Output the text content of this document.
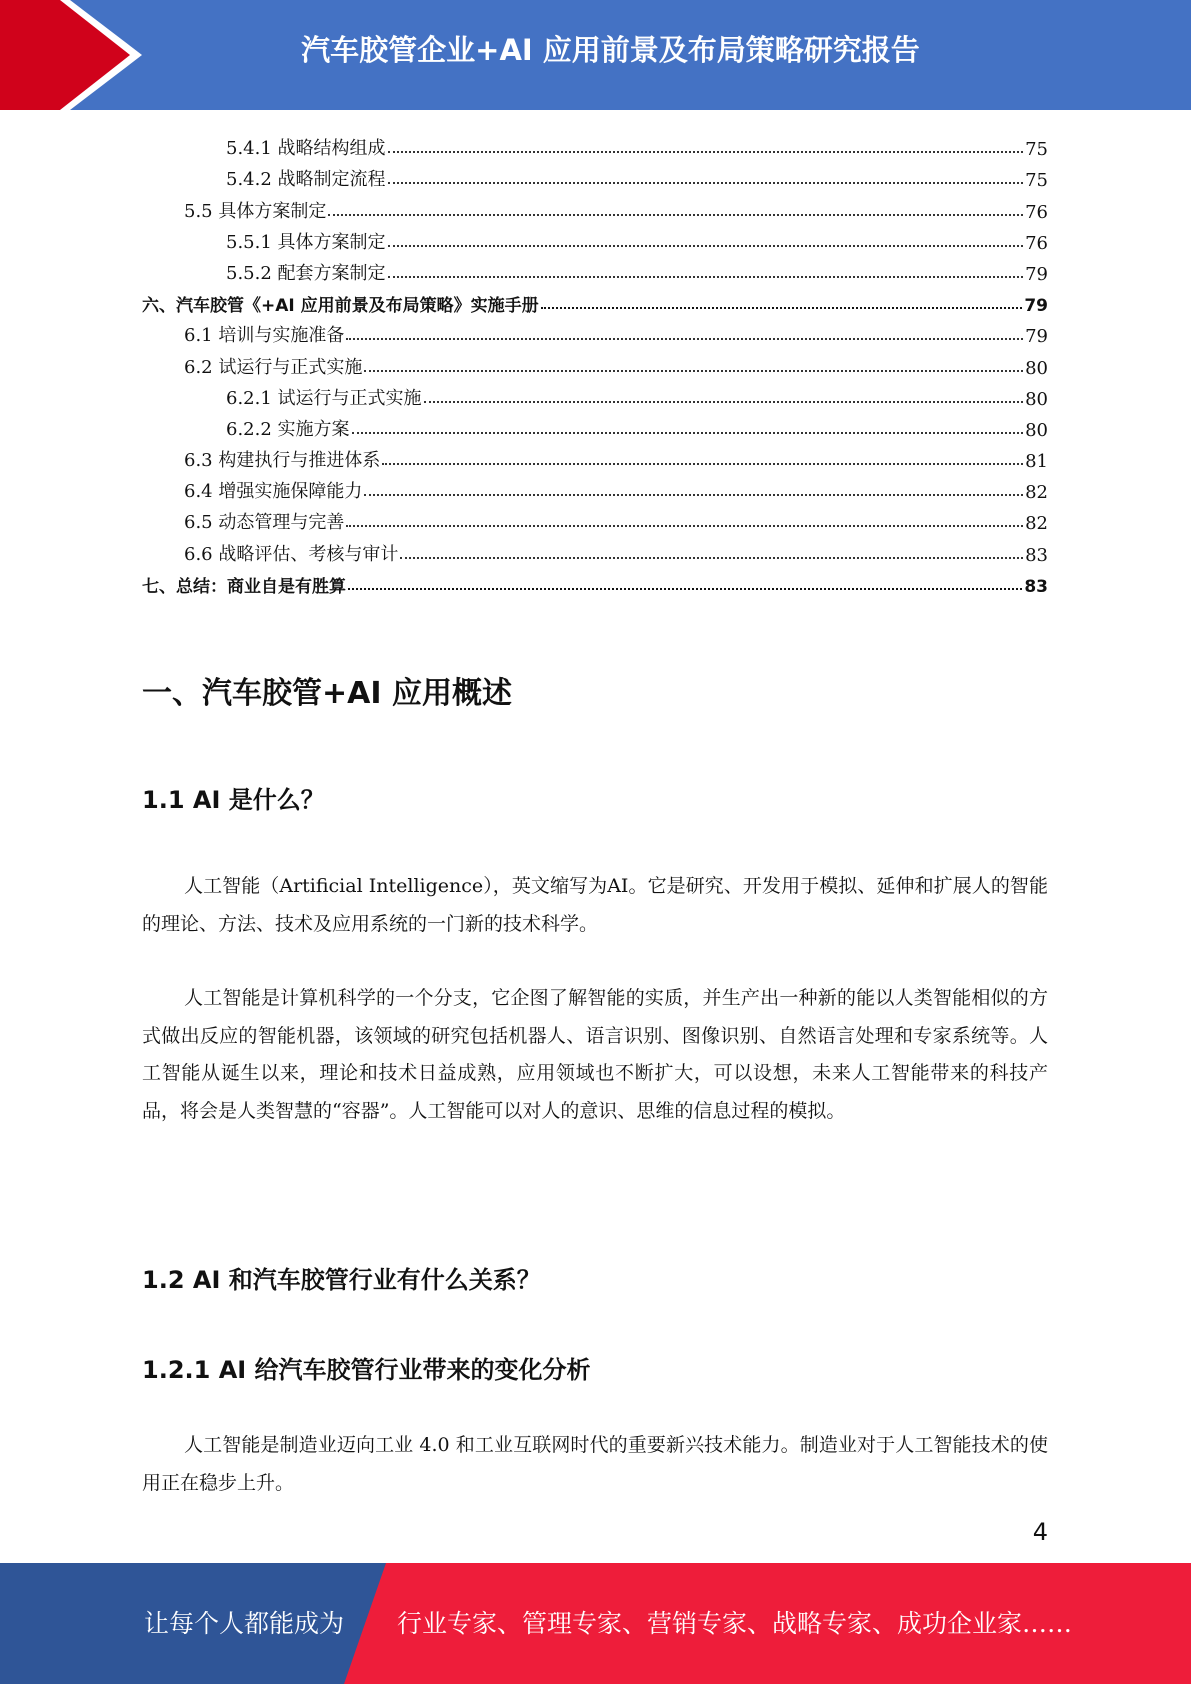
汽车胶管企业+AI 应用前景及布局策略研究报告
5.4.1 战略结构组成	75
5.4.2 战略制定流程	75
5.5 具体方案制定	76
5.5.1 具体方案制定	76
5.5.2 配套方案制定	79
六、汽车胶管《+AI 应用前景及布局策略》实施手册	79
6.1 培训与实施准备	79
6.2 试运行与正式实施	80
6.2.1 试运行与正式实施	80
6.2.2 实施方案	80
6.3 构建执行与推进体系	81
6.4 增强实施保障能力	82
6.5 动态管理与完善	82
6.6 战略评估、考核与审计	83
七、总结：商业自是有胜算	83
一、汽车胶管+AI 应用概述
1.1 AI 是什么？

人工智能（Artificial Intelligence），英文缩写为AI。它是研究、开发用于模拟、延伸和扩展人的智能的理论、方法、技术及应用系统的一门新的技术科学。

人工智能是计算机科学的一个分支，它企图了解智能的实质，并生产出一种新的能以人类智能相似的方式做出反应的智能机器，该领域的研究包括机器人、语言识别、图像识别、自然语言处理和专家系统等。人工智能从诞生以来，理论和技术日益成熟，应用领域也不断扩大，可以设想，未来人工智能带来的科技产品，将会是人类智慧的“容器”。人工智能可以对人的意识、思维的信息过程的模拟。

1.2 AI 和汽车胶管行业有什么关系？
1.2.1 AI 给汽车胶管行业带来的变化分析

人工智能是制造业迈向工业 4.0 和工业互联网时代的重要新兴技术能力。制造业对于人工智能技术的使用正在稳步上升。

4
让每个人都能成为 行业专家、管理专家、营销专家、战略专家、成功企业家……
